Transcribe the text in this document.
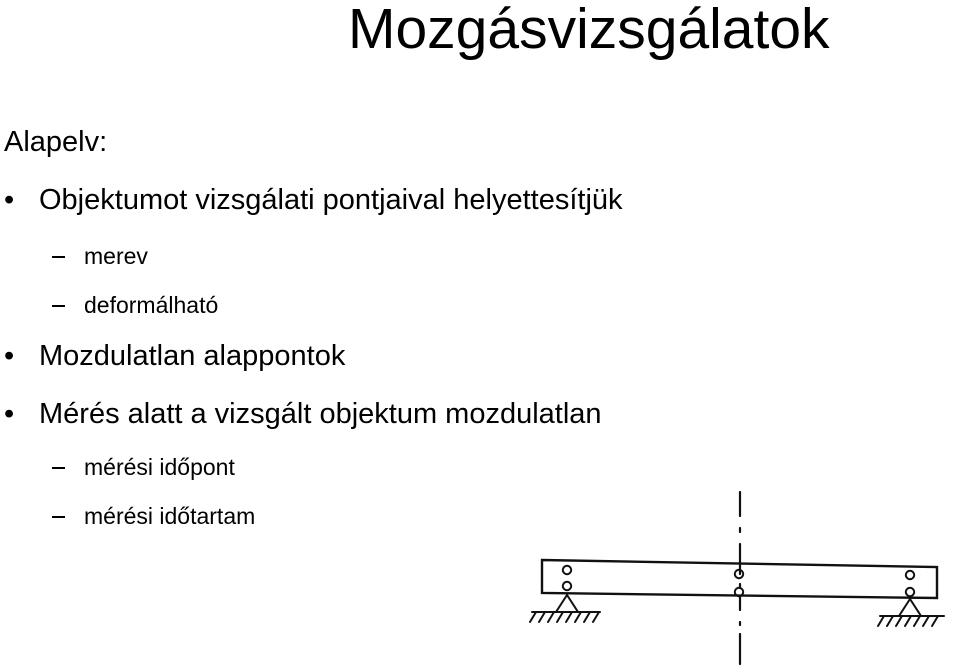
Mozgásvizsgálatok
Alapelv:
• Objektumot vizsgálati pontjaival helyettesítjük
merev
deformálható
• Mozdulatlan alappontok
• Mérés alatt a vizsgált objektum mozdulatlan
mérési időpont
mérési időtartam
